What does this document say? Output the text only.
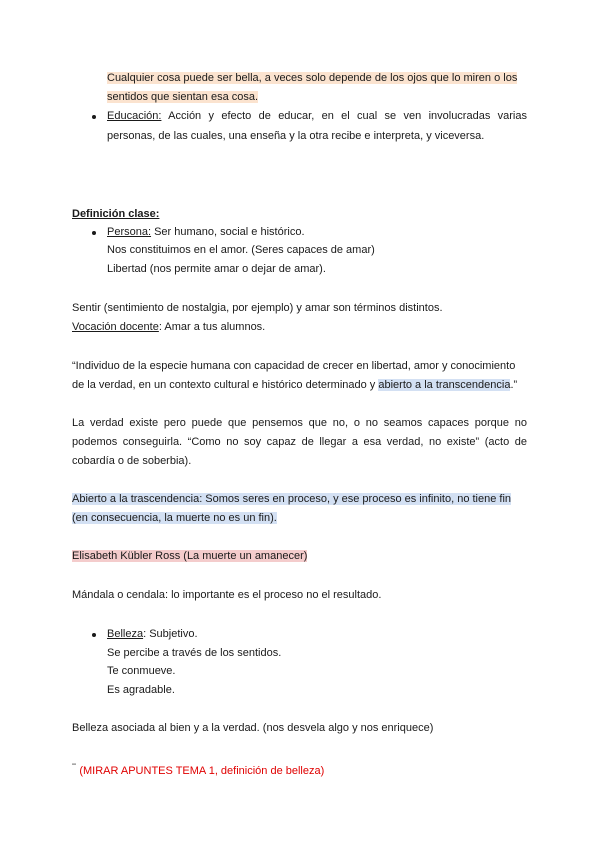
Cualquier cosa puede ser bella, a veces solo depende de los ojos que lo miren o los
sentidos que sientan esa cosa.
Educación: Acción y efecto de educar, en el cual se ven involucradas varias
personas, de las cuales, una enseña y la otra recibe e interpreta, y viceversa.
Definición clase:
Persona: Ser humano, social e histórico.
Nos constituimos en el amor. (Seres capaces de amar)
Libertad (nos permite amar o dejar de amar).
Sentir (sentimiento de nostalgia, por ejemplo) y amar son términos distintos.
Vocación docente: Amar a tus alumnos.
“Individuo de la especie humana con capacidad de crecer en libertad, amor y conocimiento
de la verdad, en un contexto cultural e histórico determinado y abierto a la transcendencia.”
La verdad existe pero puede que pensemos que no, o no seamos capaces porque no
podemos conseguirla. “Como no soy capaz de llegar a esa verdad, no existe” (acto de
cobardía o de soberbia).
Abierto a la trascendencia: Somos seres en proceso, y ese proceso es infinito, no tiene fin
(en consecuencia, la muerte no es un fin).
Elisabeth Kübler Ross (La muerte un amanecer)
Mándala o cendala: lo importante es el proceso no el resultado.
Belleza: Subjetivo.
Se percibe a través de los sentidos.
Te conmueve.
Es agradable.
Belleza asociada al bien y a la verdad. (nos desvela algo y nos enriquece)
"" (MIRAR APUNTES TEMA 1, definición de belleza)
